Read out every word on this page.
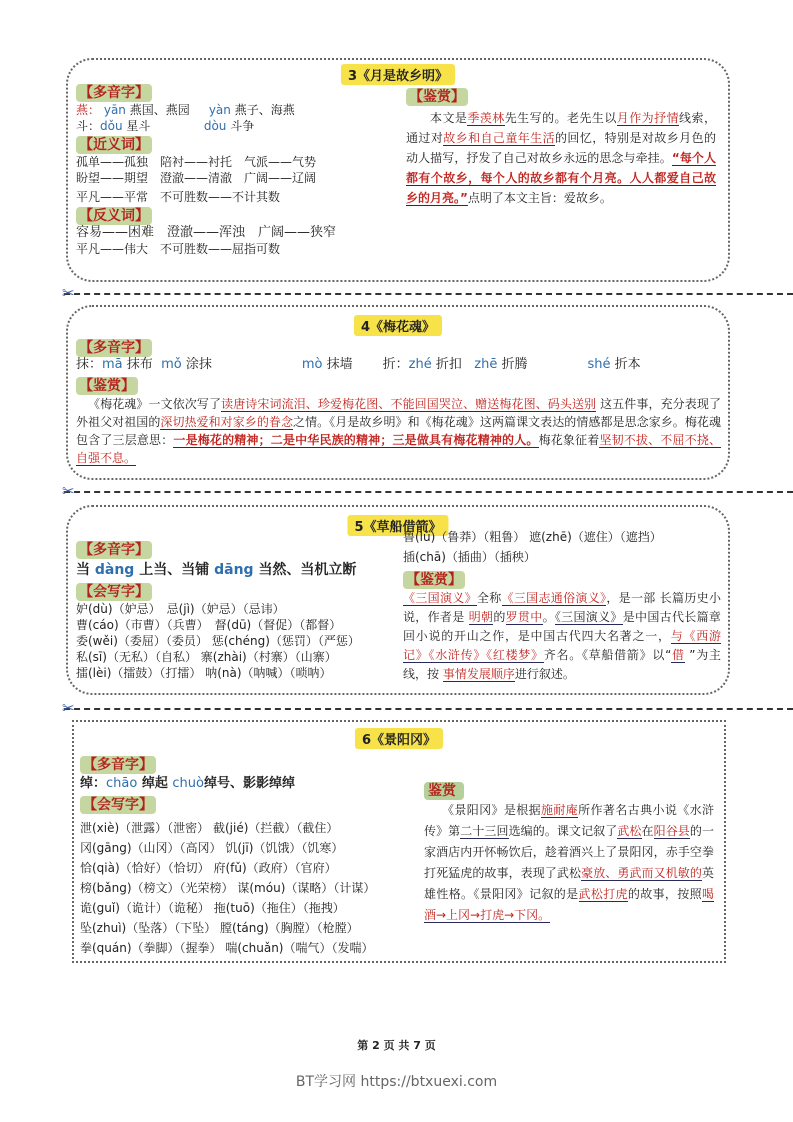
3《月是故乡明》
【多音字】
燕： yān 燕国、燕园 yàn 燕子、海燕
斗：dǒu 星斗	dòu 斗争
【近义词】
孤单——孤独　陪衬——衬托　气派——气势
盼望——期望　澄澈——清澈　广阔——辽阔
平凡——平常　不可胜数——不计其数
【反义词】
容易——困难　澄澈——浑浊　广阔——狭窄
平凡——伟大　不可胜数——屈指可数
【鉴赏】
本文是季羡林先生写的。老先生以月作为抒情线索，通过对故乡和自己童年生活的回忆，特别是对故乡月色的动人描写，抒发了自己对故乡永远的思念与牵挂。“每个人都有个故乡，每个人的故乡都有个月亮。人人都爱自己故乡的月亮。”点明了本文主旨：爱故乡。
✂
4《梅花魂》
【多音字】
抹：mā 抹布 mǒ 涂抹	mò 抹墙 折：zhé 折扣 zhē 折腾	shé 折本
【鉴赏】
《梅花魂》一文依次写了读唐诗宋词流泪、珍爱梅花图、不能回国哭泣、赠送梅花图、码头送别 这五件事，充分表现了外祖父对祖国的深切热爱和对家乡的眷念之情。《月是故乡明》和《梅花魂》这两篇课文表达的情感都是思念家乡。梅花魂包含了三层意思：一是梅花的精神；二是中华民族的精神；三是做具有梅花精神的人。梅花象征着坚韧不拔、不屈不挠、 自强不息。
✂
5《草船借箭》
【多音字】
当 dàng 上当、当铺 dāng 当然、当机立断
【会写字】
妒(dù)（妒忌）　忌(jì)（妒忌）（忌讳）
曹(cáo)（市曹）（兵曹）　督(dū)（督促）（都督）
委(wěi)（委屈）（委员） 惩(chéng)（惩罚）（严惩）
私(sī)（无私）（自私） 寨(zhài)（村寨）（山寨）
擂(lèi)（擂鼓）（打擂） 呐(nà)（呐喊）（唢呐）
鲁(lǔ)（鲁莽）（粗鲁） 遮(zhē)（遮住）（遮挡）
插(chā)（插曲）（插秧）
【鉴赏】
《三国演义》全称《三国志通俗演义》，是一部 长篇历史小说，作者是 明朝的罗贯中。《三国演义》是中国古代长篇章回小说的开山之作，是中国古代四大名著之一，与《西游记》《水浒传》《红楼梦》齐名。《草船借箭》以“借 ”为主线，按 事情发展顺序进行叙述。
✂
6《景阳冈》
【多音字】
绰：chāo 绰起 chuò绰号、影影绰绰
【会写字】
泄(xiè)（泄露）（泄密） 截(jié)（拦截）（截住）
冈(gāng)（山冈）（高冈） 饥(jī)（饥饿）（饥寒）
恰(qià)（恰好）（恰切） 府(fǔ)（政府）（官府）
榜(bǎng)（榜文）（光荣榜） 谋(móu)（谋略）（计谋）
诡(guǐ)（诡计）（诡秘） 拖(tuō)（拖住）（拖拽）
坠(zhuì)（坠落）（下坠） 膛(táng)（胸膛）（枪膛）
拳(quán)（拳脚）（握拳） 喘(chuǎn)（喘气）（发喘）
鉴赏
《景阳冈》是根据施耐庵所作著名古典小说《水浒传》第二十三回选编的。课文记叙了武松在阳谷县的一家酒店内开怀畅饮后，趁着酒兴上了景阳冈，赤手空拳打死猛虎的故事，表现了武松豪放、勇武而又机敏的英雄性格。《景阳冈》记叙的是武松打虎的故事，按照喝酒→上冈→打虎→下冈。
第 2 页 共 7 页
BT学习网 https://btxuexi.com
